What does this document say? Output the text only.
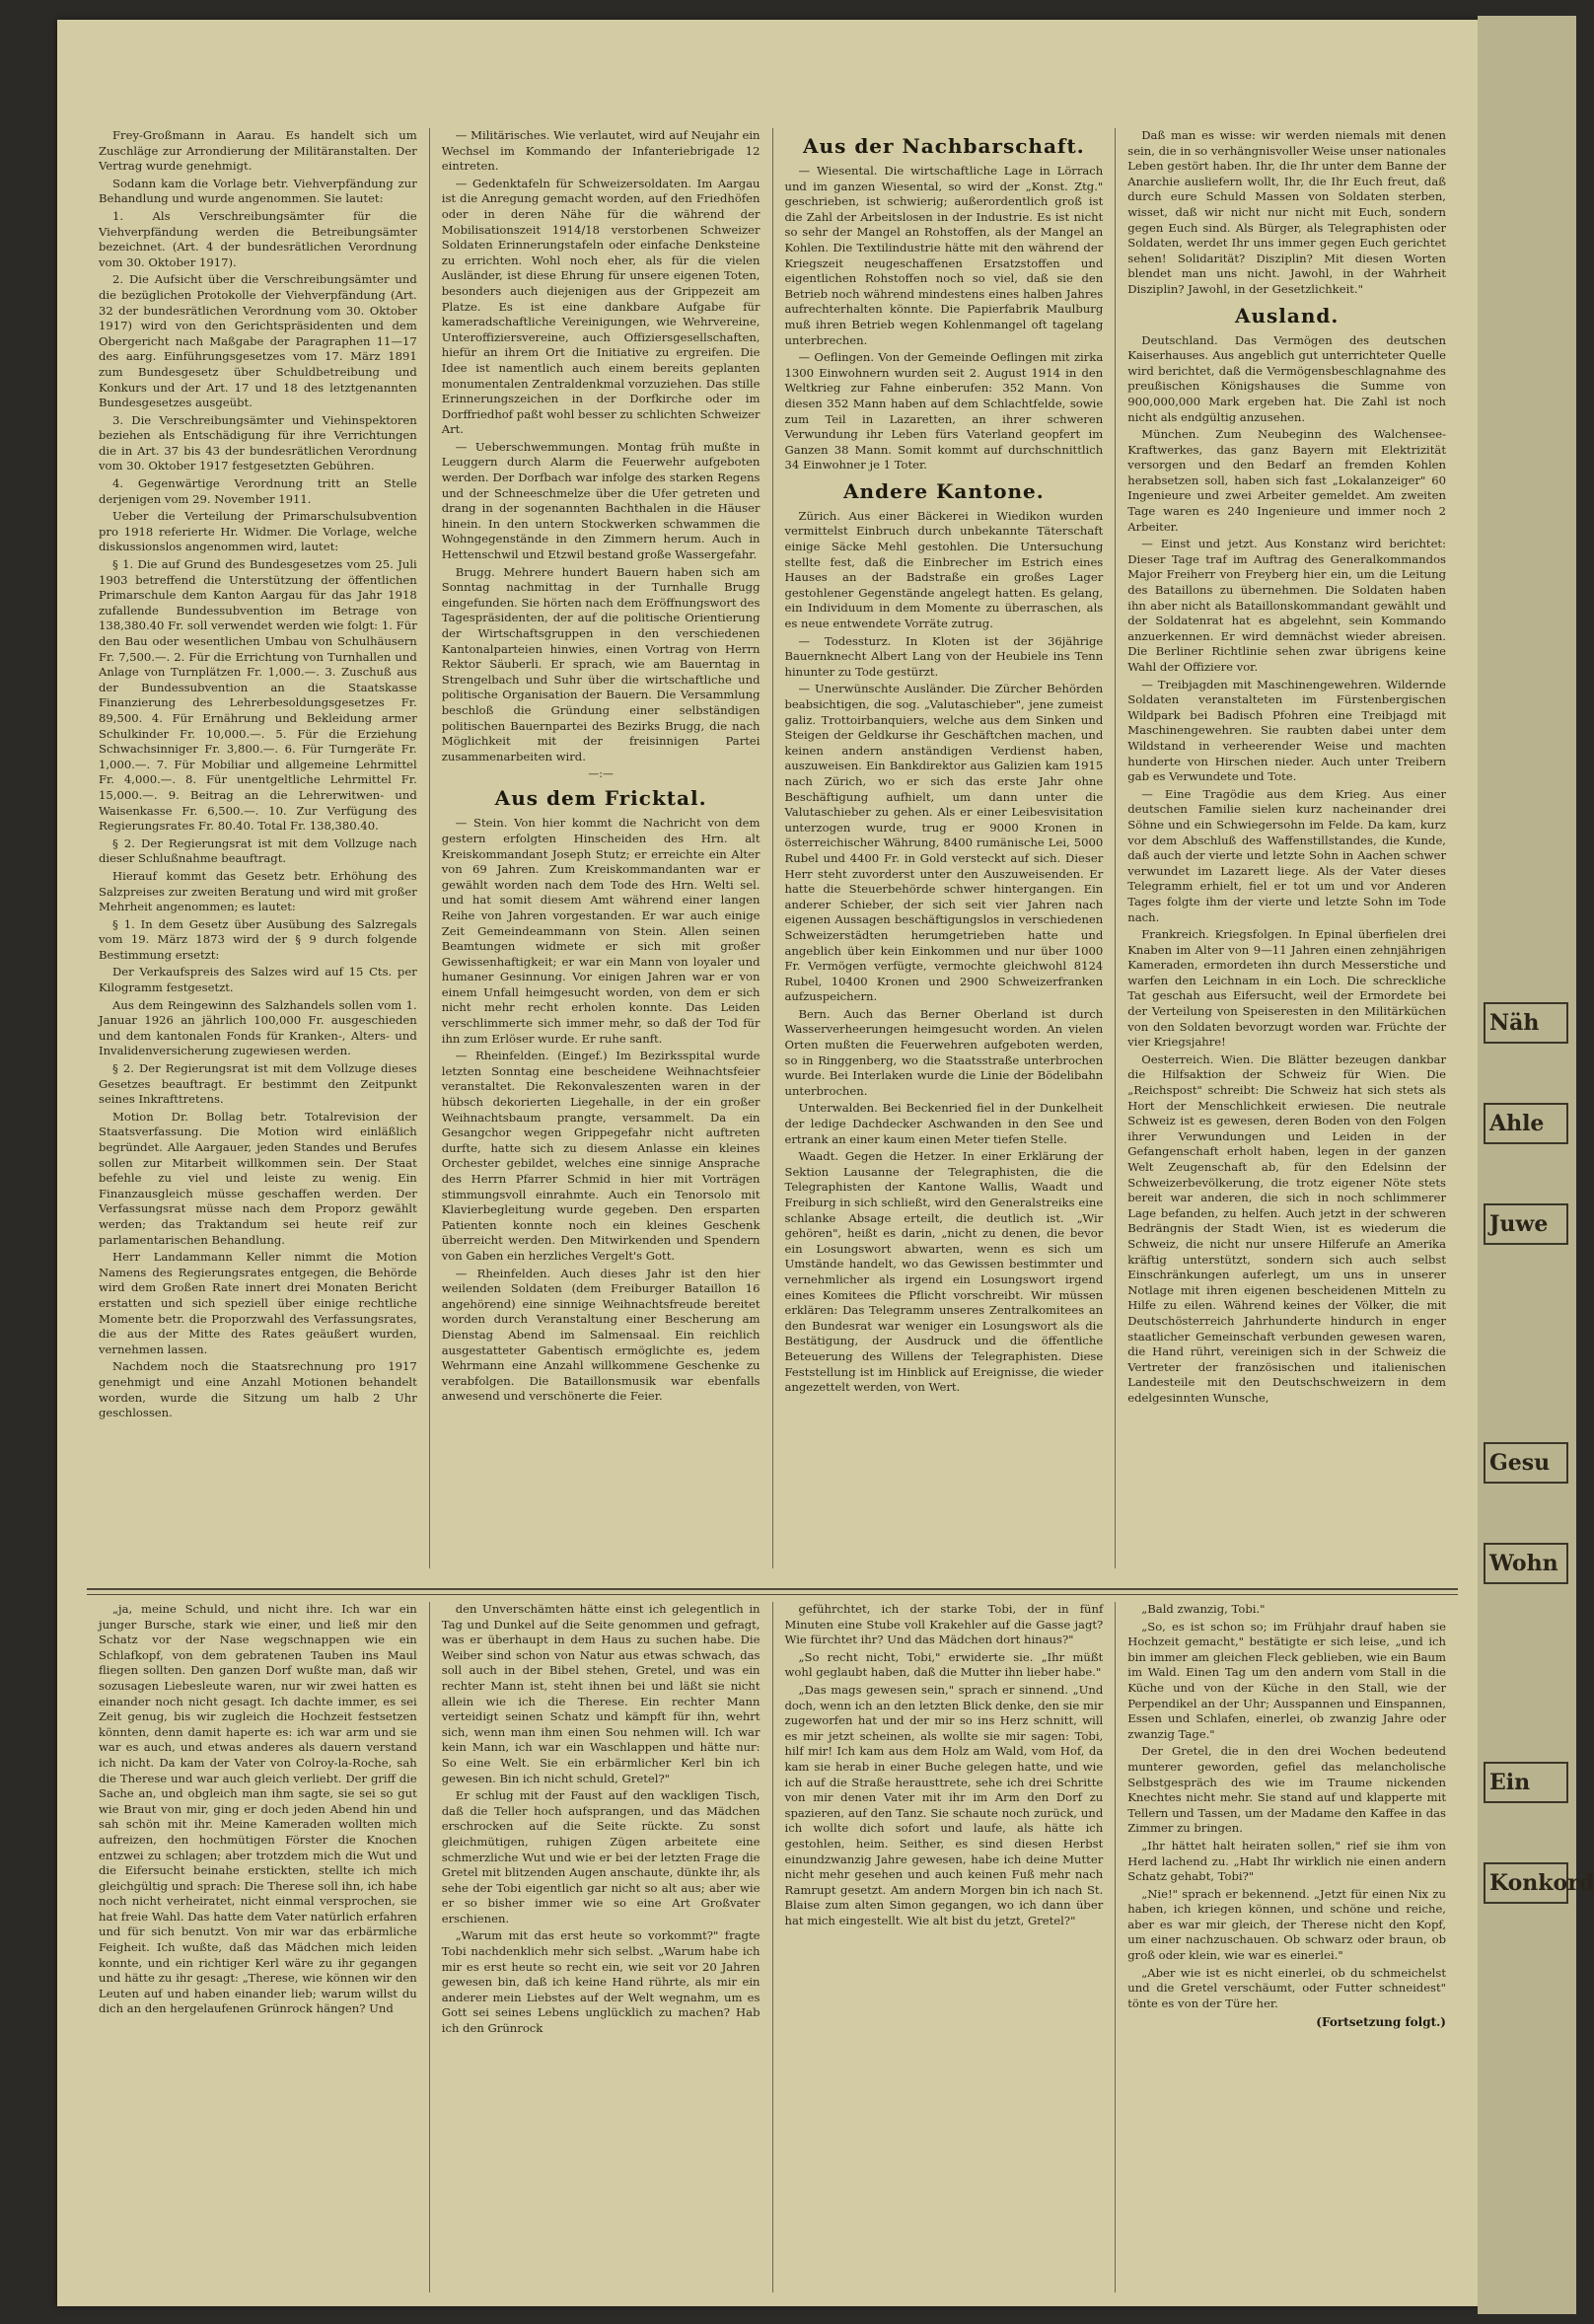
Frey-Großmann in Aarau. Es handelt sich um Zuschläge zur Arrondierung der Militäranstalten. Der Vertrag wurde genehmigt.

Sodann kam die Vorlage betr. Viehverpfändung zur Behandlung und wurde angenommen. Sie lautet:

1. Als Verschreibungsämter für die Viehverpfändung werden die Betreibungsämter bezeichnet. (Art. 4 der bundesrätlichen Verordnung vom 30. Oktober 1917).

2. Die Aufsicht über die Verschreibungsämter und die bezüglichen Protokolle der Viehverpfändung (Art. 32 der bundesrätlichen Verordnung vom 30. Oktober 1917) wird von den Gerichtspräsidenten und dem Obergericht nach Maßgabe der Paragraphen 11—17 des aarg. Einführungsgesetzes vom 17. März 1891 zum Bundesgesetz über Schuldbetreibung und Konkurs und der Art. 17 und 18 des letztgenannten Bundesgesetzes ausgeübt.

3. Die Verschreibungsämter und Viehinspektoren beziehen als Entschädigung für ihre Verrichtungen die in Art. 37 bis 43 der bundesrätlichen Verordnung vom 30. Oktober 1917 festgesetzten Gebühren.

4. Gegenwärtige Verordnung tritt an Stelle derjenigen vom 29. November 1911.

Ueber die Verteilung der Primarschulsubvention pro 1918 referierte Hr. Widmer. Die Vorlage, welche diskussionslos angenommen wird, lautet:

§ 1. Die auf Grund des Bundesgesetzes vom 25. Juli 1903 betreffend die Unterstützung der öffentlichen Primarschule dem Kanton Aargau für das Jahr 1918 zufallende Bundessubvention im Betrage von 138,380.40 Fr. soll verwendet werden wie folgt: 1. Für den Bau oder wesentlichen Umbau von Schulhäusern Fr. 7,500.—. 2. Für die Errichtung von Turnhallen und Anlage von Turnplätzen Fr. 1,000.—. 3. Zuschuß aus der Bundessubvention an die Staatskasse Finanzierung des Lehrerbesoldungsgesetzes Fr. 89,500. 4. Für Ernährung und Bekleidung armer Schulkinder Fr. 10,000.—. 5. Für die Erziehung Schwachsinniger Fr. 3,800.—. 6. Für Turngeräte Fr. 1,000.—. 7. Für Mobiliar und allgemeine Lehrmittel Fr. 4,000.—. 8. Für unentgeltliche Lehrmittel Fr. 15,000.—. 9. Beitrag an die Lehrerwitwen- und Waisenkasse Fr. 6,500.—. 10. Zur Verfügung des Regierungsrates Fr. 80.40. Total Fr. 138,380.40.

§ 2. Der Regierungsrat ist mit dem Vollzuge nach dieser Schlußnahme beauftragt.

Hierauf kommt das Gesetz betr. Erhöhung des Salzpreises zur zweiten Beratung und wird mit großer Mehrheit angenommen; es lautet:

§ 1. In dem Gesetz über Ausübung des Salzregals vom 19. März 1873 wird der § 9 durch folgende Bestimmung ersetzt:

Der Verkaufspreis des Salzes wird auf 15 Cts. per Kilogramm festgesetzt.

Aus dem Reingewinn des Salzhandels sollen vom 1. Januar 1926 an jährlich 100,000 Fr. ausgeschieden und dem kantonalen Fonds für Kranken-, Alters- und Invalidenversicherung zugewiesen werden.

§ 2. Der Regierungsrat ist mit dem Vollzuge dieses Gesetzes beauftragt. Er bestimmt den Zeitpunkt seines Inkrafttretens.

Motion Dr. Bollag betr. Totalrevision der Staatsverfassung. Die Motion wird einläßlich begründet. Alle Aargauer, jeden Standes und Berufes sollen zur Mitarbeit willkommen sein. Der Staat befehle zu viel und leiste zu wenig. Ein Finanzausgleich müsse geschaffen werden. Der Verfassungsrat müsse nach dem Proporz gewählt werden; das Traktandum sei heute reif zur parlamentarischen Behandlung.

Herr Landammann Keller nimmt die Motion Namens des Regierungsrates entgegen, die Behörde wird dem Großen Rate innert drei Monaten Bericht erstatten und sich speziell über einige rechtliche Momente betr. die Proporzwahl des Verfassungsrates, die aus der Mitte des Rates geäußert wurden, vernehmen lassen.

Nachdem noch die Staatsrechnung pro 1917 genehmigt und eine Anzahl Motionen behandelt worden, wurde die Sitzung um halb 2 Uhr geschlossen.

— Militärisches. Wie verlautet, wird auf Neujahr ein Wechsel im Kommando der Infanteriebrigade 12 eintreten.

— Gedenktafeln für Schweizersoldaten. Im Aargau ist die Anregung gemacht worden, auf den Friedhöfen oder in deren Nähe für die während der Mobilisationszeit 1914/18 verstorbenen Schweizer Soldaten Erinnerungstafeln oder einfache Denksteine zu errichten. Wohl noch eher, als für die vielen Ausländer, ist diese Ehrung für unsere eigenen Toten, besonders auch diejenigen aus der Grippezeit am Platze. Es ist eine dankbare Aufgabe für kameradschaftliche Vereinigungen, wie Wehrvereine, Unteroffiziersvereine, auch Offiziersgesellschaften, hiefür an ihrem Ort die Initiative zu ergreifen. Die Idee ist namentlich auch einem bereits geplanten monumentalen Zentraldenkmal vorzuziehen. Das stille Erinnerungszeichen in der Dorfkirche oder im Dorffriedhof paßt wohl besser zu schlichten Schweizer Art.

— Ueberschwemmungen. Montag früh mußte in Leuggern durch Alarm die Feuerwehr aufgeboten werden. Der Dorfbach war infolge des starken Regens und der Schneeschmelze über die Ufer getreten und drang in der sogenannten Bachthalen in die Häuser hinein. In den untern Stockwerken schwammen die Wohngegenstände in den Zimmern herum. Auch in Hettenschwil und Etzwil bestand große Wassergefahr.

Brugg. Mehrere hundert Bauern haben sich am Sonntag nachmittag in der Turnhalle Brugg eingefunden. Sie hörten nach dem Eröffnungswort des Tagespräsidenten, der auf die politische Orientierung der Wirtschaftsgruppen in den verschiedenen Kantonalparteien hinwies, einen Vortrag von Herrn Rektor Säuberli. Er sprach, wie am Bauerntag in Strengelbach und Suhr über die wirtschaftliche und politische Organisation der Bauern. Die Versammlung beschloß die Gründung einer selbständigen politischen Bauernpartei des Bezirks Brugg, die nach Möglichkeit mit der freisinnigen Partei zusammenarbeiten wird.

—:—
Aus dem Fricktal.

— Stein. Von hier kommt die Nachricht von dem gestern erfolgten Hinscheiden des Hrn. alt Kreiskommandant Joseph Stutz; er erreichte ein Alter von 69 Jahren. Zum Kreiskommandanten war er gewählt worden nach dem Tode des Hrn. Welti sel. und hat somit diesem Amt während einer langen Reihe von Jahren vorgestanden. Er war auch einige Zeit Gemeindeammann von Stein. Allen seinen Beamtungen widmete er sich mit großer Gewissenhaftigkeit; er war ein Mann von loyaler und humaner Gesinnung. Vor einigen Jahren war er von einem Unfall heimgesucht worden, von dem er sich nicht mehr recht erholen konnte. Das Leiden verschlimmerte sich immer mehr, so daß der Tod für ihn zum Erlöser wurde. Er ruhe sanft.

— Rheinfelden. (Eingef.) Im Bezirksspital wurde letzten Sonntag eine bescheidene Weihnachtsfeier veranstaltet. Die Rekonvaleszenten waren in der hübsch dekorierten Liegehalle, in der ein großer Weihnachtsbaum prangte, versammelt. Da ein Gesangchor wegen Grippegefahr nicht auftreten durfte, hatte sich zu diesem Anlasse ein kleines Orchester gebildet, welches eine sinnige Ansprache des Herrn Pfarrer Schmid in hier mit Vorträgen stimmungsvoll einrahmte. Auch ein Tenorsolo mit Klavierbegleitung wurde gegeben. Den ersparten Patienten konnte noch ein kleines Geschenk überreicht werden. Den Mitwirkenden und Spendern von Gaben ein herzliches Vergelt's Gott.

— Rheinfelden. Auch dieses Jahr ist den hier weilenden Soldaten (dem Freiburger Bataillon 16 angehörend) eine sinnige Weihnachtsfreude bereitet worden durch Veranstaltung einer Bescherung am Dienstag Abend im Salmensaal. Ein reichlich ausgestatteter Gabentisch ermöglichte es, jedem Wehrmann eine Anzahl willkommene Geschenke zu verabfolgen. Die Bataillonsmusik war ebenfalls anwesend und verschönerte die Feier.

Aus der Nachbarschaft.

— Wiesental. Die wirtschaftliche Lage in Lörrach und im ganzen Wiesental, so wird der „Konst. Ztg." geschrieben, ist schwierig; außerordentlich groß ist die Zahl der Arbeitslosen in der Industrie. Es ist nicht so sehr der Mangel an Rohstoffen, als der Mangel an Kohlen. Die Textilindustrie hätte mit den während der Kriegszeit neugeschaffenen Ersatzstoffen und eigentlichen Rohstoffen noch so viel, daß sie den Betrieb noch während mindestens eines halben Jahres aufrechterhalten könnte. Die Papierfabrik Maulburg muß ihren Betrieb wegen Kohlenmangel oft tagelang unterbrechen.

— Oeflingen. Von der Gemeinde Oeflingen mit zirka 1300 Einwohnern wurden seit 2. August 1914 in den Weltkrieg zur Fahne einberufen: 352 Mann. Von diesen 352 Mann haben auf dem Schlachtfelde, sowie zum Teil in Lazaretten, an ihrer schweren Verwundung ihr Leben fürs Vaterland geopfert im Ganzen 38 Mann. Somit kommt auf durchschnittlich 34 Einwohner je 1 Toter.

Andere Kantone.

Zürich. Aus einer Bäckerei in Wiedikon wurden vermittelst Einbruch durch unbekannte Täterschaft einige Säcke Mehl gestohlen. Die Untersuchung stellte fest, daß die Einbrecher im Estrich eines Hauses an der Badstraße ein großes Lager gestohlener Gegenstände angelegt hatten. Es gelang, ein Individuum in dem Momente zu überraschen, als es neue entwendete Vorräte zutrug.

— Todessturz. In Kloten ist der 36jährige Bauernknecht Albert Lang von der Heubiele ins Tenn hinunter zu Tode gestürzt.

— Unerwünschte Ausländer. Die Zürcher Behörden beabsichtigen, die sog. „Valutaschieber", jene zumeist galiz. Trottoirbanquiers, welche aus dem Sinken und Steigen der Geldkurse ihr Geschäftchen machen, und keinen andern anständigen Verdienst haben, auszuweisen. Ein Bankdirektor aus Galizien kam 1915 nach Zürich, wo er sich das erste Jahr ohne Beschäftigung aufhielt, um dann unter die Valutaschieber zu gehen. Als er einer Leibesvisitation unterzogen wurde, trug er 9000 Kronen in österreichischer Währung, 8400 rumänische Lei, 5000 Rubel und 4400 Fr. in Gold versteckt auf sich. Dieser Herr steht zuvorderst unter den Auszuweisenden. Er hatte die Steuerbehörde schwer hintergangen. Ein anderer Schieber, der sich seit vier Jahren nach eigenen Aussagen beschäftigungslos in verschiedenen Schweizerstädten herumgetrieben hatte und angeblich über kein Einkommen und nur über 1000 Fr. Vermögen verfügte, vermochte gleichwohl 8124 Rubel, 10400 Kronen und 2900 Schweizerfranken aufzuspeichern.

Bern. Auch das Berner Oberland ist durch Wasserverheerungen heimgesucht worden. An vielen Orten mußten die Feuerwehren aufgeboten werden, so in Ringgenberg, wo die Staatsstraße unterbrochen wurde. Bei Interlaken wurde die Linie der Bödelibahn unterbrochen.

Unterwalden. Bei Beckenried fiel in der Dunkelheit der ledige Dachdecker Aschwanden in den See und ertrank an einer kaum einen Meter tiefen Stelle.

Waadt. Gegen die Hetzer. In einer Erklärung der Sektion Lausanne der Telegraphisten, die die Telegraphisten der Kantone Wallis, Waadt und Freiburg in sich schließt, wird den Generalstreiks eine schlanke Absage erteilt, die deutlich ist. „Wir gehören", heißt es darin, „nicht zu denen, die bevor ein Losungswort abwarten, wenn es sich um Umstände handelt, wo das Gewissen bestimmter und vernehmlicher als irgend ein Losungswort irgend eines Komitees die Pflicht vorschreibt. Wir müssen erklären: Das Telegramm unseres Zentralkomitees an den Bundesrat war weniger ein Losungswort als die Bestätigung, der Ausdruck und die öffentliche Beteuerung des Willens der Telegraphisten. Diese Feststellung ist im Hinblick auf Ereignisse, die wieder angezettelt werden, von Wert.

Daß man es wisse: wir werden niemals mit denen sein, die in so verhängnisvoller Weise unser nationales Leben gestört haben. Ihr, die Ihr unter dem Banne der Anarchie ausliefern wollt, Ihr, die Ihr Euch freut, daß durch eure Schuld Massen von Soldaten sterben, wisset, daß wir nicht nur nicht mit Euch, sondern gegen Euch sind. Als Bürger, als Telegraphisten oder Soldaten, werdet Ihr uns immer gegen Euch gerichtet sehen! Solidarität? Disziplin? Mit diesen Worten blendet man uns nicht. Jawohl, in der Wahrheit Disziplin? Jawohl, in der Gesetzlichkeit."

Ausland.

Deutschland. Das Vermögen des deutschen Kaiserhauses. Aus angeblich gut unterrichteter Quelle wird berichtet, daß die Vermögensbeschlagnahme des preußischen Königshauses die Summe von 900,000,000 Mark ergeben hat. Die Zahl ist noch nicht als endgültig anzusehen.

München. Zum Neubeginn des Walchensee-Kraftwerkes, das ganz Bayern mit Elektrizität versorgen und den Bedarf an fremden Kohlen herabsetzen soll, haben sich fast „Lokalanzeiger" 60 Ingenieure und zwei Arbeiter gemeldet. Am zweiten Tage waren es 240 Ingenieure und immer noch 2 Arbeiter.

— Einst und jetzt. Aus Konstanz wird berichtet: Dieser Tage traf im Auftrag des Generalkommandos Major Freiherr von Freyberg hier ein, um die Leitung des Bataillons zu übernehmen. Die Soldaten haben ihn aber nicht als Bataillonskommandant gewählt und der Soldatenrat hat es abgelehnt, sein Kommando anzuerkennen. Er wird demnächst wieder abreisen. Die Berliner Richtlinie sehen zwar übrigens keine Wahl der Offiziere vor.

— Treibjagden mit Maschinengewehren. Wildernde Soldaten veranstalteten im Fürstenbergischen Wildpark bei Badisch Pfohren eine Treibjagd mit Maschinengewehren. Sie raubten dabei unter dem Wildstand in verheerender Weise und machten hunderte von Hirschen nieder. Auch unter Treibern gab es Verwundete und Tote.

— Eine Tragödie aus dem Krieg. Aus einer deutschen Familie sielen kurz nacheinander drei Söhne und ein Schwiegersohn im Felde. Da kam, kurz vor dem Abschluß des Waffenstillstandes, die Kunde, daß auch der vierte und letzte Sohn in Aachen schwer verwundet im Lazarett liege. Als der Vater dieses Telegramm erhielt, fiel er tot um und vor Anderen Tages folgte ihm der vierte und letzte Sohn im Tode nach.

Frankreich. Kriegsfolgen. In Epinal überfielen drei Knaben im Alter von 9—11 Jahren einen zehnjährigen Kameraden, ermordeten ihn durch Messerstiche und warfen den Leichnam in ein Loch. Die schreckliche Tat geschah aus Eifersucht, weil der Ermordete bei der Verteilung von Speiseresten in den Militärküchen von den Soldaten bevorzugt worden war. Früchte der vier Kriegsjahre!

Oesterreich. Wien. Die Blätter bezeugen dankbar die Hilfsaktion der Schweiz für Wien. Die „Reichspost" schreibt: Die Schweiz hat sich stets als Hort der Menschlichkeit erwiesen. Die neutrale Schweiz ist es gewesen, deren Boden von den Folgen ihrer Verwundungen und Leiden in der Gefangenschaft erholt haben, legen in der ganzen Welt Zeugenschaft ab, für den Edelsinn der Schweizerbevölkerung, die trotz eigener Nöte stets bereit war anderen, die sich in noch schlimmerer Lage befanden, zu helfen. Auch jetzt in der schweren Bedrängnis der Stadt Wien, ist es wiederum die Schweiz, die nicht nur unsere Hilferufe an Amerika kräftig unterstützt, sondern sich auch selbst Einschränkungen auferlegt, um uns in unserer Notlage mit ihren eigenen bescheidenen Mitteln zu Hilfe zu eilen. Während keines der Völker, die mit Deutschösterreich Jahrhunderte hindurch in enger staatlicher Gemeinschaft verbunden gewesen waren, die Hand rührt, vereinigen sich in der Schweiz die Vertreter der französischen und italienischen Landesteile mit den Deutschschweizern in dem edelgesinnten Wunsche,

„ja, meine Schuld, und nicht ihre. Ich war ein junger Bursche, stark wie einer, und ließ mir den Schatz vor der Nase wegschnappen wie ein Schlafkopf, von dem gebratenen Tauben ins Maul fliegen sollten. Den ganzen Dorf wußte man, daß wir sozusagen Liebesleute waren, nur wir zwei hatten es einander noch nicht gesagt. Ich dachte immer, es sei Zeit genug, bis wir zugleich die Hochzeit festsetzen könnten, denn damit haperte es: ich war arm und sie war es auch, und etwas anderes als dauern verstand ich nicht. Da kam der Vater von Colroy-la-Roche, sah die Therese und war auch gleich verliebt. Der griff die Sache an, und obgleich man ihm sagte, sie sei so gut wie Braut von mir, ging er doch jeden Abend hin und sah schön mit ihr. Meine Kameraden wollten mich aufreizen, den hochmütigen Förster die Knochen entzwei zu schlagen; aber trotzdem mich die Wut und die Eifersucht beinahe erstickten, stellte ich mich gleichgültig und sprach: Die Therese soll ihn, ich habe noch nicht verheiratet, nicht einmal versprochen, sie hat freie Wahl. Das hatte dem Vater natürlich erfahren und für sich benutzt. Von mir war das erbärmliche Feigheit. Ich wußte, daß das Mädchen mich leiden konnte, und ein richtiger Kerl wäre zu ihr gegangen und hätte zu ihr gesagt: „Therese, wie können wir den Leuten auf und haben einander lieb; warum willst du dich an den hergelaufenen Grünrock hängen? Und

den Unverschämten hätte einst ich gelegentlich in Tag und Dunkel auf die Seite genommen und gefragt, was er überhaupt in dem Haus zu suchen habe. Die Weiber sind schon von Natur aus etwas schwach, das soll auch in der Bibel stehen, Gretel, und was ein rechter Mann ist, steht ihnen bei und läßt sie nicht allein wie ich die Therese. Ein rechter Mann verteidigt seinen Schatz und kämpft für ihn, wehrt sich, wenn man ihm einen Sou nehmen will. Ich war kein Mann, ich war ein Waschlappen und hätte nur: So eine Welt. Sie ein erbärmlicher Kerl bin ich gewesen. Bin ich nicht schuld, Gretel?"

Er schlug mit der Faust auf den wackligen Tisch, daß die Teller hoch aufsprangen, und das Mädchen erschrocken auf die Seite rückte. Zu sonst gleichmütigen, ruhigen Zügen arbeitete eine schmerzliche Wut und wie er bei der letzten Frage die Gretel mit blitzenden Augen anschaute, dünkte ihr, als sehe der Tobi eigentlich gar nicht so alt aus; aber wie er so bisher immer wie so eine Art Großvater erschienen.

„Warum mit das erst heute so vorkommt?" fragte Tobi nachdenklich mehr sich selbst. „Warum habe ich mir es erst heute so recht ein, wie seit vor 20 Jahren gewesen bin, daß ich keine Hand rührte, als mir ein anderer mein Liebstes auf der Welt wegnahm, um es Gott sei seines Lebens unglücklich zu machen? Hab ich den Grünrock

geführchtet, ich der starke Tobi, der in fünf Minuten eine Stube voll Krakehler auf die Gasse jagt? Wie fürchtet ihr? Und das Mädchen dort hinaus?"

„So recht nicht, Tobi," erwiderte sie. „Ihr müßt wohl geglaubt haben, daß die Mutter ihn lieber habe."

„Das mags gewesen sein," sprach er sinnend. „Und doch, wenn ich an den letzten Blick denke, den sie mir zugeworfen hat und der mir so ins Herz schnitt, will es mir jetzt scheinen, als wollte sie mir sagen: Tobi, hilf mir! Ich kam aus dem Holz am Wald, vom Hof, da kam sie herab in einer Buche gelegen hatte, und wie ich auf die Straße herausttrete, sehe ich drei Schritte von mir denen Vater mit ihr im Arm den Dorf zu spazieren, auf den Tanz. Sie schaute noch zurück, und ich wollte dich sofort und laufe, als hätte ich gestohlen, heim. Seither, es sind diesen Herbst einundzwanzig Jahre gewesen, habe ich deine Mutter nicht mehr gesehen und auch keinen Fuß mehr nach Ramrupt gesetzt. Am andern Morgen bin ich nach St. Blaise zum alten Simon gegangen, wo ich dann über hat mich eingestellt. Wie alt bist du jetzt, Gretel?"

„Bald zwanzig, Tobi."

„So, es ist schon so; im Frühjahr drauf haben sie Hochzeit gemacht," bestätigte er sich leise, „und ich bin immer am gleichen Fleck geblieben, wie ein Baum im Wald. Einen Tag um den andern vom Stall in die Küche und von der Küche in den Stall, wie der Perpendikel an der Uhr; Ausspannen und Einspannen, Essen und Schlafen, einerlei, ob zwanzig Jahre oder zwanzig Tage."

Der Gretel, die in den drei Wochen bedeutend munterer geworden, gefiel das melancholische Selbstgespräch des wie im Traume nickenden Knechtes nicht mehr. Sie stand auf und klapperte mit Tellern und Tassen, um der Madame den Kaffee in das Zimmer zu bringen.

„Ihr hättet halt heiraten sollen," rief sie ihm von Herd lachend zu. „Habt Ihr wirklich nie einen andern Schatz gehabt, Tobi?"

„Nie!" sprach er bekennend. „Jetzt für einen Nix zu haben, ich kriegen können, und schöne und reiche, aber es war mir gleich, der Therese nicht den Kopf, um einer nachzuschauen. Ob schwarz oder braun, ob groß oder klein, wie war es einerlei."

„Aber wie ist es nicht einerlei, ob du schmeichelst und die Gretel verschäumt, oder Futter schneidest" tönte es von der Türe her.

(Fortsetzung folgt.)
Näh
Ahle
Juwe
Gesu
Wohn
Ein
Konkord
